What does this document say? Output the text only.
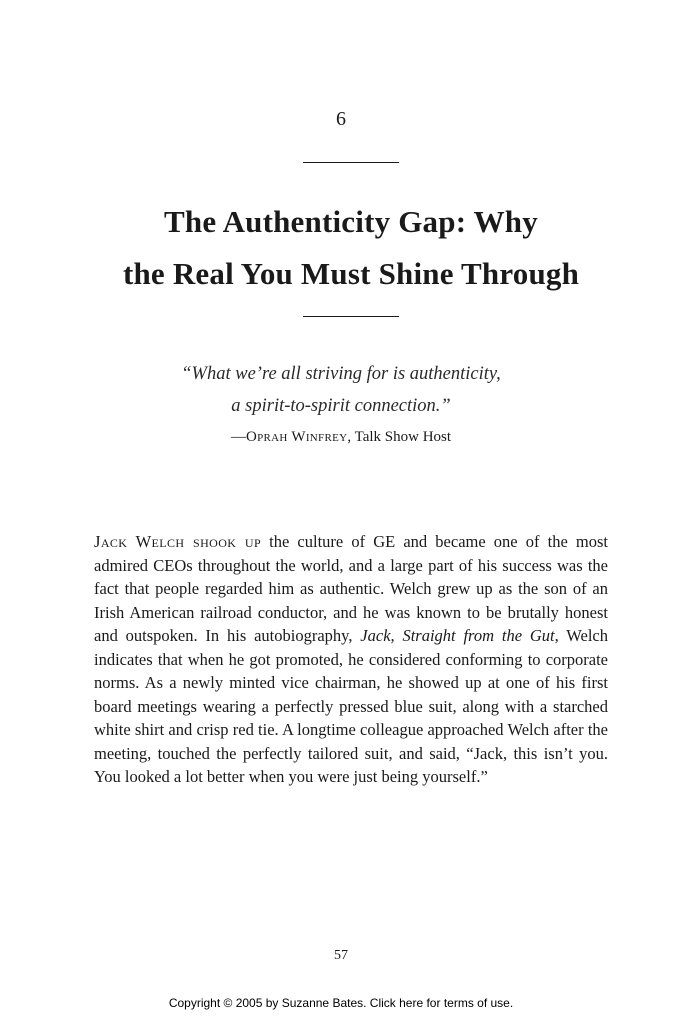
6
The Authenticity Gap: Why
the Real You Must Shine Through
“What we’re all striving for is authenticity,
a spirit-to-spirit connection.”
—Oprah Winfrey, Talk Show Host
Jack Welch shook up the culture of GE and became one of the most admired CEOs throughout the world, and a large part of his success was the fact that people regarded him as authentic. Welch grew up as the son of an Irish American railroad conductor, and he was known to be brutally honest and outspoken. In his autobiography, Jack, Straight from the Gut, Welch indicates that when he got promoted, he considered conforming to corporate norms. As a newly minted vice chairman, he showed up at one of his first board meetings wearing a perfectly pressed blue suit, along with a starched white shirt and crisp red tie. A longtime colleague approached Welch after the meeting, touched the perfectly tailored suit, and said, “Jack, this isn’t you. You looked a lot better when you were just being yourself.”
57
Copyright © 2005 by Suzanne Bates. Click here for terms of use.
